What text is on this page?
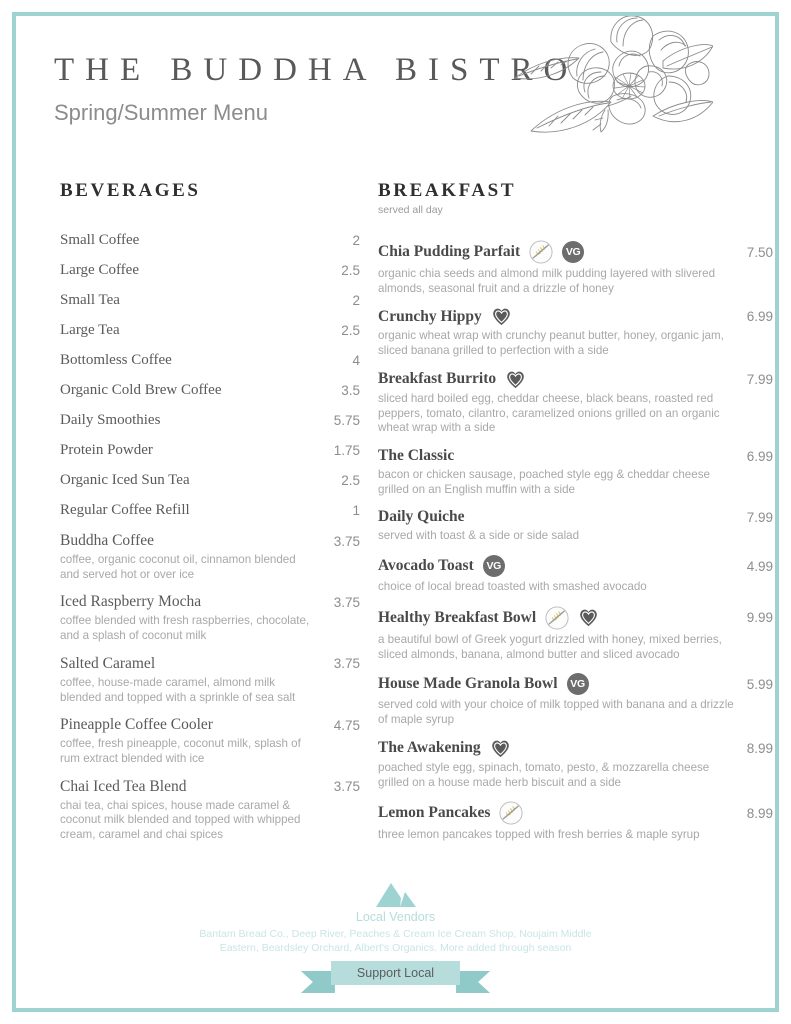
THE BUDDHA BISTRO
Spring/Summer Menu
BEVERAGES
Small Coffee	2
Large Coffee	2.5
Small Tea	2
Large Tea	2.5
Bottomless Coffee	4
Organic Cold Brew Coffee	3.5
Daily Smoothies	5.75
Protein Powder	1.75
Organic Iced Sun Tea	2.5
Regular Coffee Refill	1
Buddha Coffee	3.75
coffee, organic coconut oil, cinnamon blended and served hot or over ice
Iced Raspberry Mocha	3.75
coffee blended with fresh raspberries, chocolate, and a splash of coconut milk
Salted Caramel	3.75
coffee, house-made caramel, almond milk blended and topped with a sprinkle of sea salt
Pineapple Coffee Cooler	4.75
coffee, fresh pineapple, coconut milk, splash of rum extract blended with ice
Chai Iced Tea Blend	3.75
chai tea, chai spices, house made caramel & coconut milk blended and topped with whipped cream, caramel and chai spices
BREAKFAST
served all day
Chia Pudding Parfait	VG	7.50
organic chia seeds and almond milk pudding layered with slivered almonds, seasonal fruit and a drizzle of honey
Crunchy Hippy	6.99
organic wheat wrap with crunchy peanut butter, honey, organic jam, sliced banana grilled to perfection with a side
Breakfast Burrito	7.99
sliced hard boiled egg, cheddar cheese, black beans, roasted red peppers, tomato, cilantro, caramelized onions grilled on an organic wheat wrap with a side
The Classic	6.99
bacon or chicken sausage, poached style egg & cheddar cheese grilled on an English muffin with a side
Daily Quiche	7.99
served with toast & a side or side salad
Avocado Toast	VG	4.99
choice of local bread toasted with smashed avocado
Healthy Breakfast Bowl	9.99
a beautiful bowl of Greek yogurt drizzled with honey, mixed berries, sliced almonds, banana, almond butter and sliced avocado
House Made Granola Bowl	VG	5.99
served cold with your choice of milk topped with banana and a drizzle of maple syrup
The Awakening	8.99
poached style egg, spinach, tomato, pesto, & mozzarella cheese grilled on a house made herb biscuit and a side
Lemon Pancakes	8.99
three lemon pancakes topped with fresh berries & maple syrup
Local Vendors
Bantam Bread Co., Deep River, Peaches & Cream Ice Cream Shop, Noujaim Middle Eastern, Beardsley Orchard, Albert's Organics. More added through season
Support Local
